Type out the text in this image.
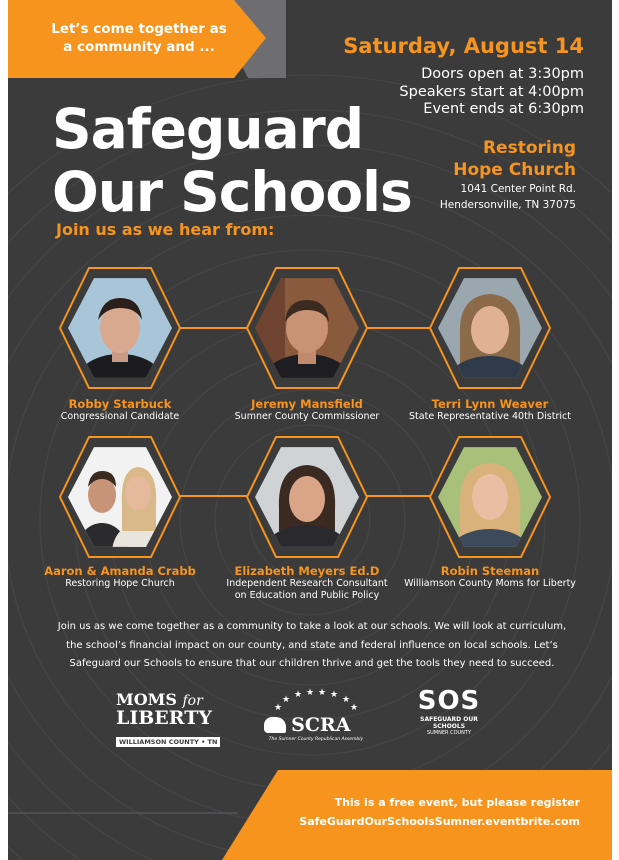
Let’s come together as
a community and ...	Saturday, August 14
Doors open at 3:30pm
Speakers start at 4:00pm
Event ends at 6:30pm
Safeguard
Our Schools
Restoring
Hope Church
1041 Center Point Rd.
Hendersonville, TN 37075
Join us as we hear from:
Robby Starbuck
Congressional Candidate
Jeremy Mansfield
Sumner County Commissioner
Terri Lynn Weaver
State Representative 40th District
Aaron & Amanda Crabb
Restoring Hope Church
Elizabeth Meyers Ed.D
Independent Research Consultant
on Education and Public Policy
Robin Steeman
Williamson County Moms for Liberty
Join us as we come together as a community to take a look at our schools. We will look at curriculum,
the school’s financial impact on our county, and state and federal influence on local schools. Let’s
Safeguard our Schools to ensure that our children thrive and get the tools they need to succeed.
MOMS for
LIBERTY
WILLIAMSON COUNTY • TN
★
★ ★ ★ ★ ★ ★
★
SCRA
The Sumner County Republican Assembly
SOS
SAFEGUARD OUR SCHOOLS
SUMNER COUNTY
This is a free event, but please register
SafeGuardOurSchoolsSumner.eventbrite.com
